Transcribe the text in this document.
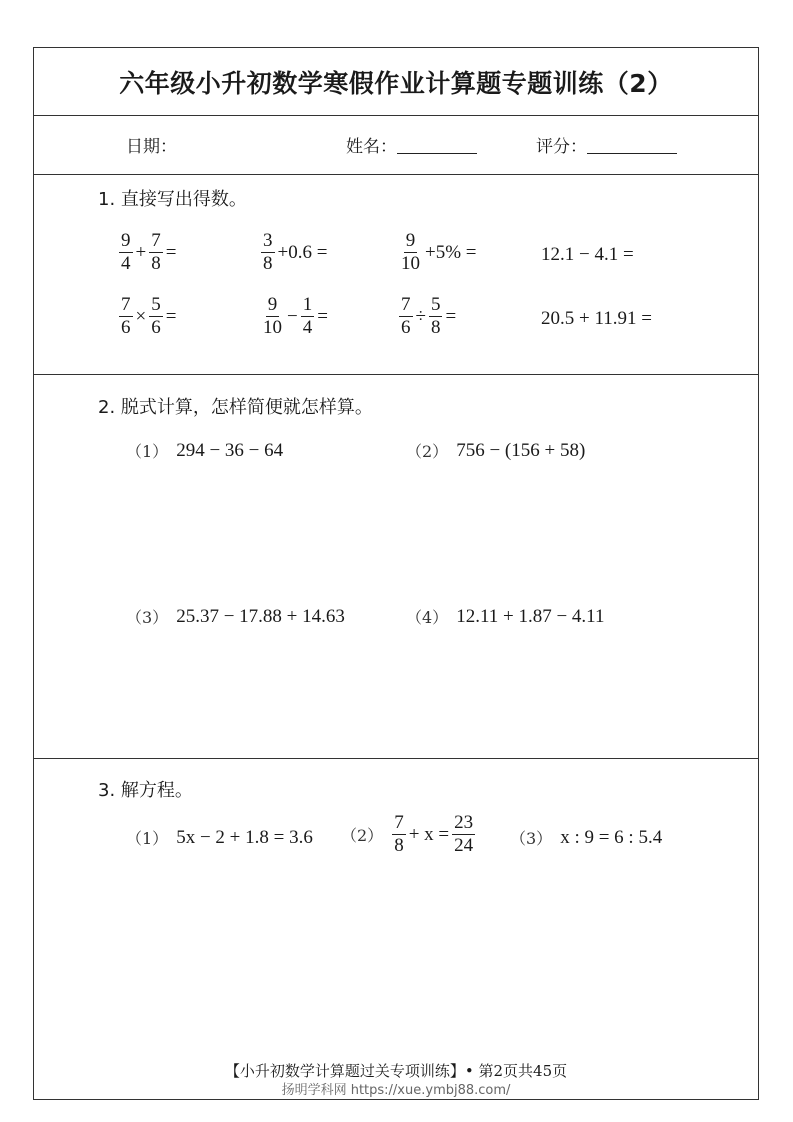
六年级小升初数学寒假作业计算题专题训练（2）
日期：	姓名：	评分：
1. 直接写出得数。
$\frac{9}{4} + \frac{7}{8}$ =	$\frac{3}{8} +0.6$ =	$\frac{9}{10} +5\%$ =	12.1 − 4.1 =
$\frac{7}{6} \times \frac{5}{6}$ =	$\frac{9}{10} - \frac{1}{4}$ =	$\frac{7}{6} \div \frac{5}{8}$ =	20.5 + 11.91 =
2. 脱式计算，怎样简便就怎样算。
（1） 294 − 36 − 64	（2） 756 − (156 + 58)
（3） 25.37 − 17.88 + 14.63	（4） 12.11 + 1.87 − 4.11
3. 解方程。
（1） 5x − 2 + 1.8 = 3.6 $(2) \frac{7}{8} + x = \frac{23}{24} (3)$ x : 9 = 6 : 5.4
【小升初数学计算题过关专项训练】• 第2页共45页
扬明学科网 https://xue.ymbj88.com/
